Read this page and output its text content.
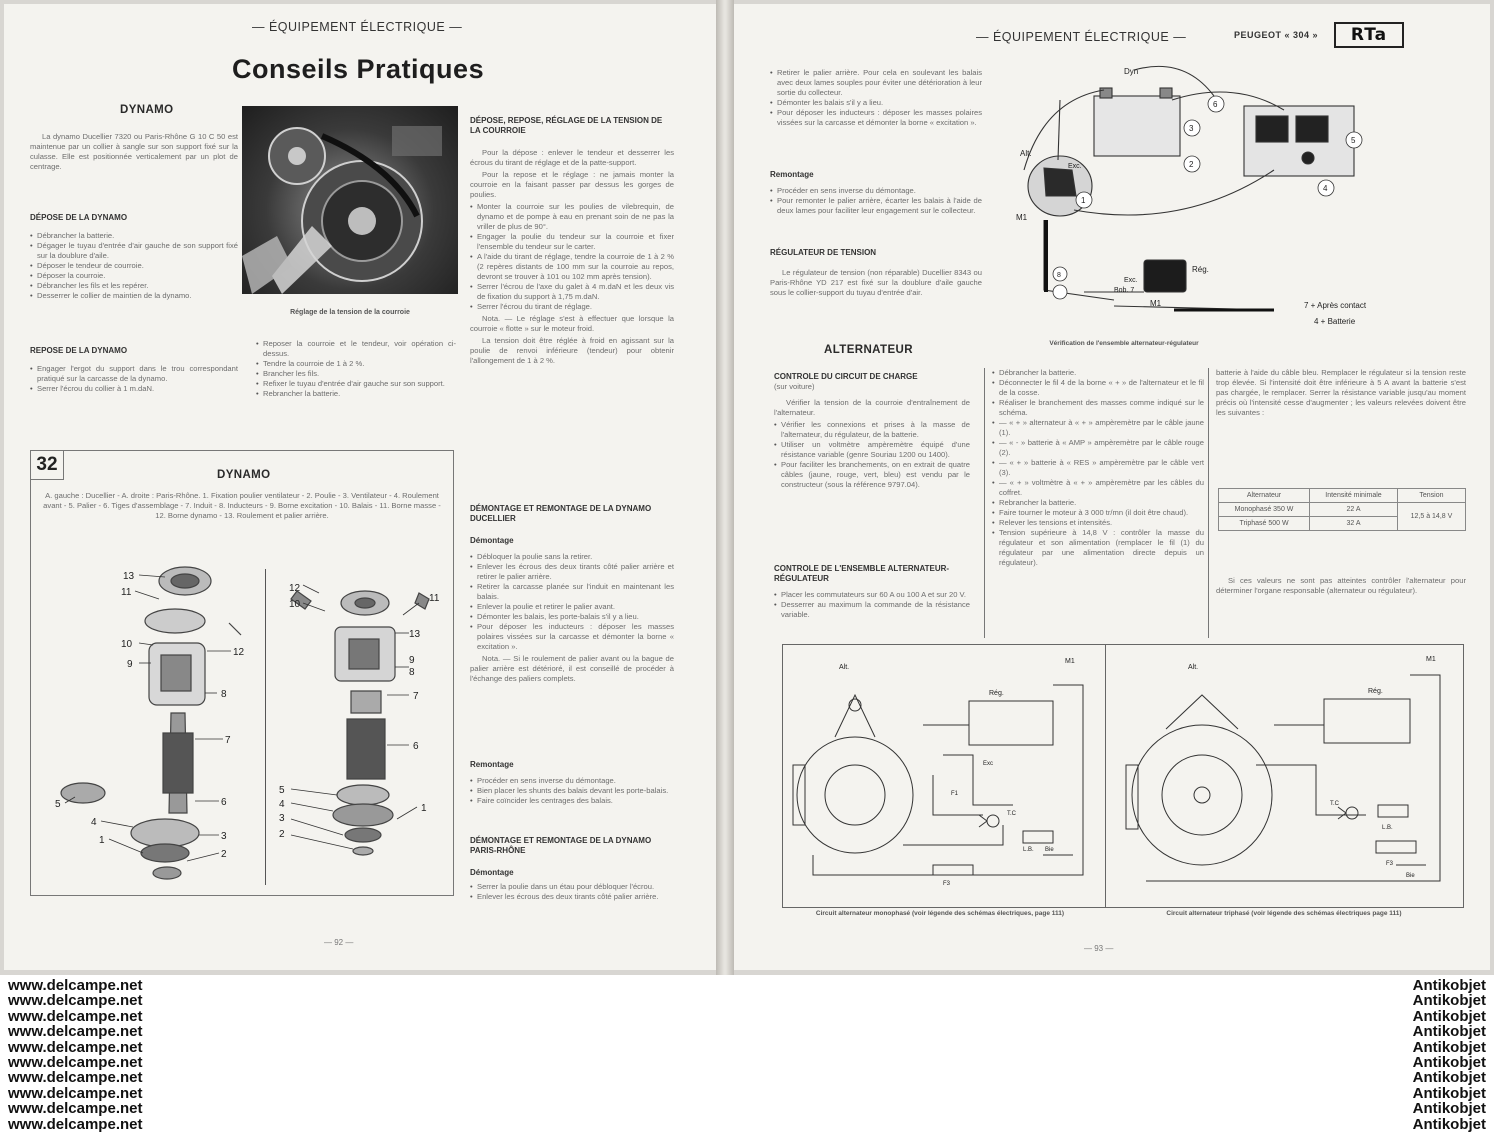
— ÉQUIPEMENT ÉLECTRIQUE —
Conseils Pratiques
DYNAMO

La dynamo Ducellier 7320 ou Paris-Rhône G 10 C 50 est maintenue par un collier à sangle sur son support fixé sur la culasse. Elle est positionnée verticalement par un plot de centrage.

DÉPOSE DE LA DYNAMO
• Débrancher la batterie.
• Dégager le tuyau d'entrée d'air gauche de son support fixé sur la doublure d'aile.
• Déposer le tendeur de courroie.
• Déposer la courroie.
• Débrancher les fils et les repérer.
• Desserrer le collier de maintien de la dynamo.
REPOSE DE LA DYNAMO
• Engager l'ergot du support dans le trou correspondant pratiqué sur la carcasse de la dynamo.
• Serrer l'écrou du collier à 1 m.daN.
Réglage de la tension de la courroie
• Reposer la courroie et le tendeur, voir opération ci-dessus.
• Tendre la courroie de 1 à 2 %.
• Brancher les fils.
• Refixer le tuyau d'entrée d'air gauche sur son support.
• Rebrancher la batterie.
DÉPOSE, REPOSE, RÉGLAGE DE LA TENSION DE LA COURROIE

Pour la dépose : enlever le tendeur et desserrer les écrous du tirant de réglage et de la patte-support.

Pour la repose et le réglage : ne jamais monter la courroie en la faisant passer par dessus les gorges de poulies.

• Monter la courroie sur les poulies de vilebrequin, de dynamo et de pompe à eau en prenant soin de ne pas la vriller de plus de 90°.
• Engager la poulie du tendeur sur la courroie et fixer l'ensemble du tendeur sur le carter.
• A l'aide du tirant de réglage, tendre la courroie de 1 à 2 % (2 repères distants de 100 mm sur la courroie au repos, devront se trouver à 101 ou 102 mm après tension).
• Serrer l'écrou de l'axe du galet à 4 m.daN et les deux vis de fixation du support à 1,75 m.daN.
• Serrer l'écrou du tirant de réglage.

Nota. — Le réglage s'est à effectuer que lorsque la courroie « flotte » sur le moteur froid.

La tension doit être réglée à froid en agissant sur la poulie de renvoi inférieure (tendeur) pour obtenir l'allongement de 1 à 2 %.

DÉMONTAGE ET REMONTAGE DE LA DYNAMO DUCELLIER
Démontage
• Débloquer la poulie sans la retirer.
• Enlever les écrous des deux tirants côté palier arrière et retirer le palier arrière.
• Retirer la carcasse planée sur l'induit en maintenant les balais.
• Enlever la poulie et retirer le palier avant.
• Démonter les balais, les porte-balais s'il y a lieu.
• Pour déposer les inducteurs : déposer les masses polaires vissées sur la carcasse et démonter la borne « excitation ».

Nota. — Si le roulement de palier avant ou la bague de palier arrière est détérioré, il est conseillé de procéder à l'échange des paliers complets.

Remontage
• Procéder en sens inverse du démontage.
• Bien placer les shunts des balais devant les porte-balais.
• Faire coïncider les centrages des balais.
DÉMONTAGE ET REMONTAGE DE LA DYNAMO PARIS-RHÔNE
Démontage
• Serrer la poulie dans un étau pour débloquer l'écrou.
• Enlever les écrous des deux tirants côté palier arrière.
32	DYNAMO

A. gauche : Ducellier - A. droite : Paris-Rhône. 1. Fixation poulier ventilateur - 2. Poulie - 3. Ventilateur - 4. Roulement avant - 5. Palier - 6. Tiges d'assemblage - 7. Induit - 8. Inducteurs - 9. Borne excitation - 10. Balais - 11. Borne masse - 12. Borne dynamo - 13. Roulement et palier arrière.

13
11
10
9
12
8
7
6
5
4
3
1
2
12
10
11
13
9
8
7
6
5
4
3
2
1
— 92 —
— ÉQUIPEMENT ÉLECTRIQUE —	PEUGEOT « 304 »	RTa
• Retirer le palier arrière. Pour cela en soulevant les balais avec deux lames souples pour éviter une détérioration à leur sortie du collecteur.
• Démonter les balais s'il y a lieu.
• Pour déposer les inducteurs : déposer les masses polaires vissées sur la carcasse et démonter la borne « excitation ».
Remontage
• Procéder en sens inverse du démontage.
• Pour remonter le palier arrière, écarter les balais à l'aide de deux lames pour faciliter leur engagement sur le collecteur.
RÉGULATEUR DE TENSION

Le régulateur de tension (non réparable) Ducellier 8343 ou Paris-Rhône YD 217 est fixé sur la doublure d'aile gauche sous le collier-support du tuyau d'entrée d'air.

Dyn
Alt.
Exc.
M1
Rég.
Exc.
Bob. 7
M1
1
2
3
4
5
6
8
7 + Après contact
4 + Batterie
Vérification de l'ensemble alternateur-régulateur
ALTERNATEUR
CONTROLE DU CIRCUIT DE CHARGE
(sur voiture)

Vérifier la tension de la courroie d'entraînement de l'alternateur.

• Vérifier les connexions et prises à la masse de l'alternateur, du régulateur, de la batterie.
• Utiliser un voltmètre ampèremètre équipé d'une résistance variable (genre Souriau 1200 ou 1400).
• Pour faciliter les branchements, on en extrait de quatre câbles (jaune, rouge, vert, bleu) est vendu par le constructeur (sous la référence 9797.04).
CONTROLE DE L'ENSEMBLE ALTERNATEUR-RÉGULATEUR
• Placer les commutateurs sur 60 A ou 100 A et sur 20 V.
• Desserrer au maximum la commande de la résistance variable.
• Débrancher la batterie.
• Déconnecter le fil 4 de la borne « + » de l'alternateur et le fil de la cosse.
• Réaliser le branchement des masses comme indiqué sur le schéma.
• — « + » alternateur à « + » ampèremètre par le câble jaune (1).
• — « - » batterie à « AMP » ampèremètre par le câble rouge (2).
• — « + » batterie à « RES » ampèremètre par le câble vert (3).
• — « + » voltmètre à « + » ampèremètre par les câbles du coffret.
• Rebrancher la batterie.
• Faire tourner le moteur à 3 000 tr/mn (il doit être chaud).
• Relever les tensions et intensités.
• Tension supérieure à 14,8 V : contrôler la masse du régulateur et son alimentation (remplacer le fil (1) du régulateur par une alimentation directe depuis un régulateur).

batterie à l'aide du câble bleu. Remplacer le régulateur si la tension reste trop élevée. Si l'intensité doit être inférieure à 5 A avant la batterie s'est pas chargée, le remplacer. Serrer la résistance variable jusqu'au moment précis où l'intensité cesse d'augmenter ; les valeurs relevées doivent être les suivantes :

Alternateur	Intensité minimale	Tension
Monophasé 350 W	22 A	12,5 à 14,8 V
Triphasé 500 W	32 A	

Si ces valeurs ne sont pas atteintes contrôler l'alternateur pour déterminer l'organe responsable (alternateur ou régulateur).

Alt.
M1
Rég.
Exc
F1
T.C
L.B. Bie
F3
Alt.
M1
Rég.
T.C
L.B.
F3
Bie
Circuit alternateur monophasé (voir légende des schémas électriques, page 111)	Circuit alternateur triphasé (voir légende des schémas électriques page 111)
— 93 —
www.delcampe.net
www.delcampe.net
www.delcampe.net
www.delcampe.net
www.delcampe.net
www.delcampe.net
www.delcampe.net
www.delcampe.net
www.delcampe.net
www.delcampe.net
Antikobjet
Antikobjet
Antikobjet
Antikobjet
Antikobjet
Antikobjet
Antikobjet
Antikobjet
Antikobjet
Antikobjet
